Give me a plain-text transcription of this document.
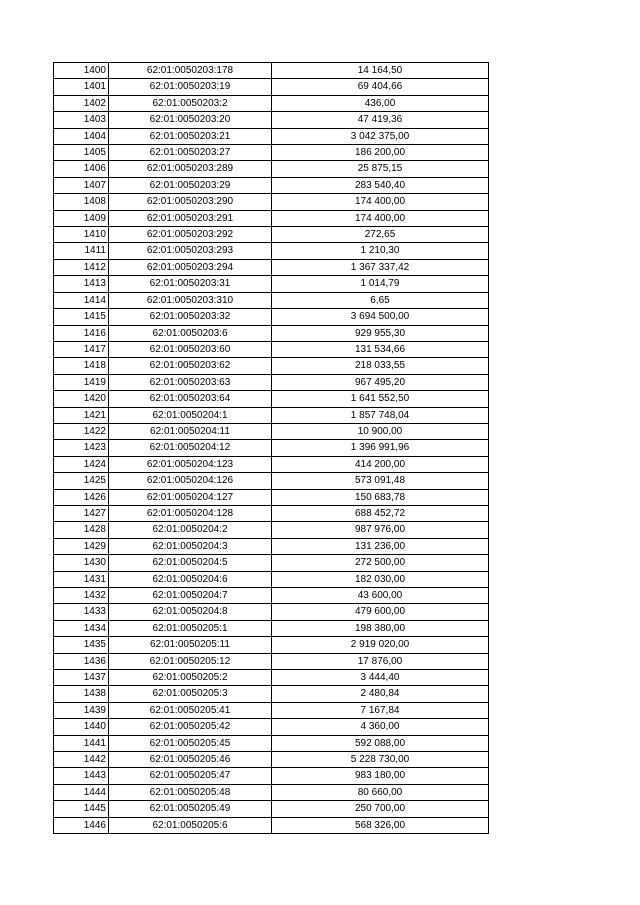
1400	62:01:0050203:178	14 164,50
1401	62:01:0050203:19	69 404,66
1402	62:01:0050203:2	436,00
1403	62:01:0050203:20	47 419,36
1404	62:01:0050203:21	3 042 375,00
1405	62:01:0050203:27	186 200,00
1406	62:01:0050203:289	25 875,15
1407	62:01:0050203:29	283 540,40
1408	62:01:0050203:290	174 400,00
1409	62:01:0050203:291	174 400,00
1410	62:01:0050203:292	272,65
1411	62:01:0050203:293	1 210,30
1412	62:01:0050203:294	1 367 337,42
1413	62:01:0050203:31	1 014,79
1414	62:01:0050203:310	6,65
1415	62:01:0050203:32	3 694 500,00
1416	62:01:0050203:6	929 955,30
1417	62:01:0050203:60	131 534,66
1418	62:01:0050203:62	218 033,55
1419	62:01:0050203:63	967 495,20
1420	62:01:0050203:64	1 641 552,50
1421	62:01:0050204:1	1 857 748,04
1422	62:01:0050204:11	10 900,00
1423	62:01:0050204:12	1 396 991,96
1424	62:01:0050204:123	414 200,00
1425	62:01:0050204:126	573 091,48
1426	62:01:0050204:127	150 683,78
1427	62:01:0050204:128	688 452,72
1428	62:01:0050204:2	987 976,00
1429	62:01:0050204:3	131 236,00
1430	62:01:0050204:5	272 500,00
1431	62:01:0050204:6	182 030,00
1432	62:01:0050204:7	43 600,00
1433	62:01:0050204:8	479 600,00
1434	62:01:0050205:1	198 380,00
1435	62:01:0050205:11	2 919 020,00
1436	62:01:0050205:12	17 876,00
1437	62:01:0050205:2	3 444,40
1438	62:01:0050205:3	2 480,84
1439	62:01:0050205:41	7 167,84
1440	62:01:0050205:42	4 360,00
1441	62:01:0050205:45	592 088,00
1442	62:01:0050205:46	5 228 730,00
1443	62:01:0050205:47	983 180,00
1444	62:01:0050205:48	80 660,00
1445	62:01:0050205:49	250 700,00
1446	62:01:0050205:6	568 326,00
